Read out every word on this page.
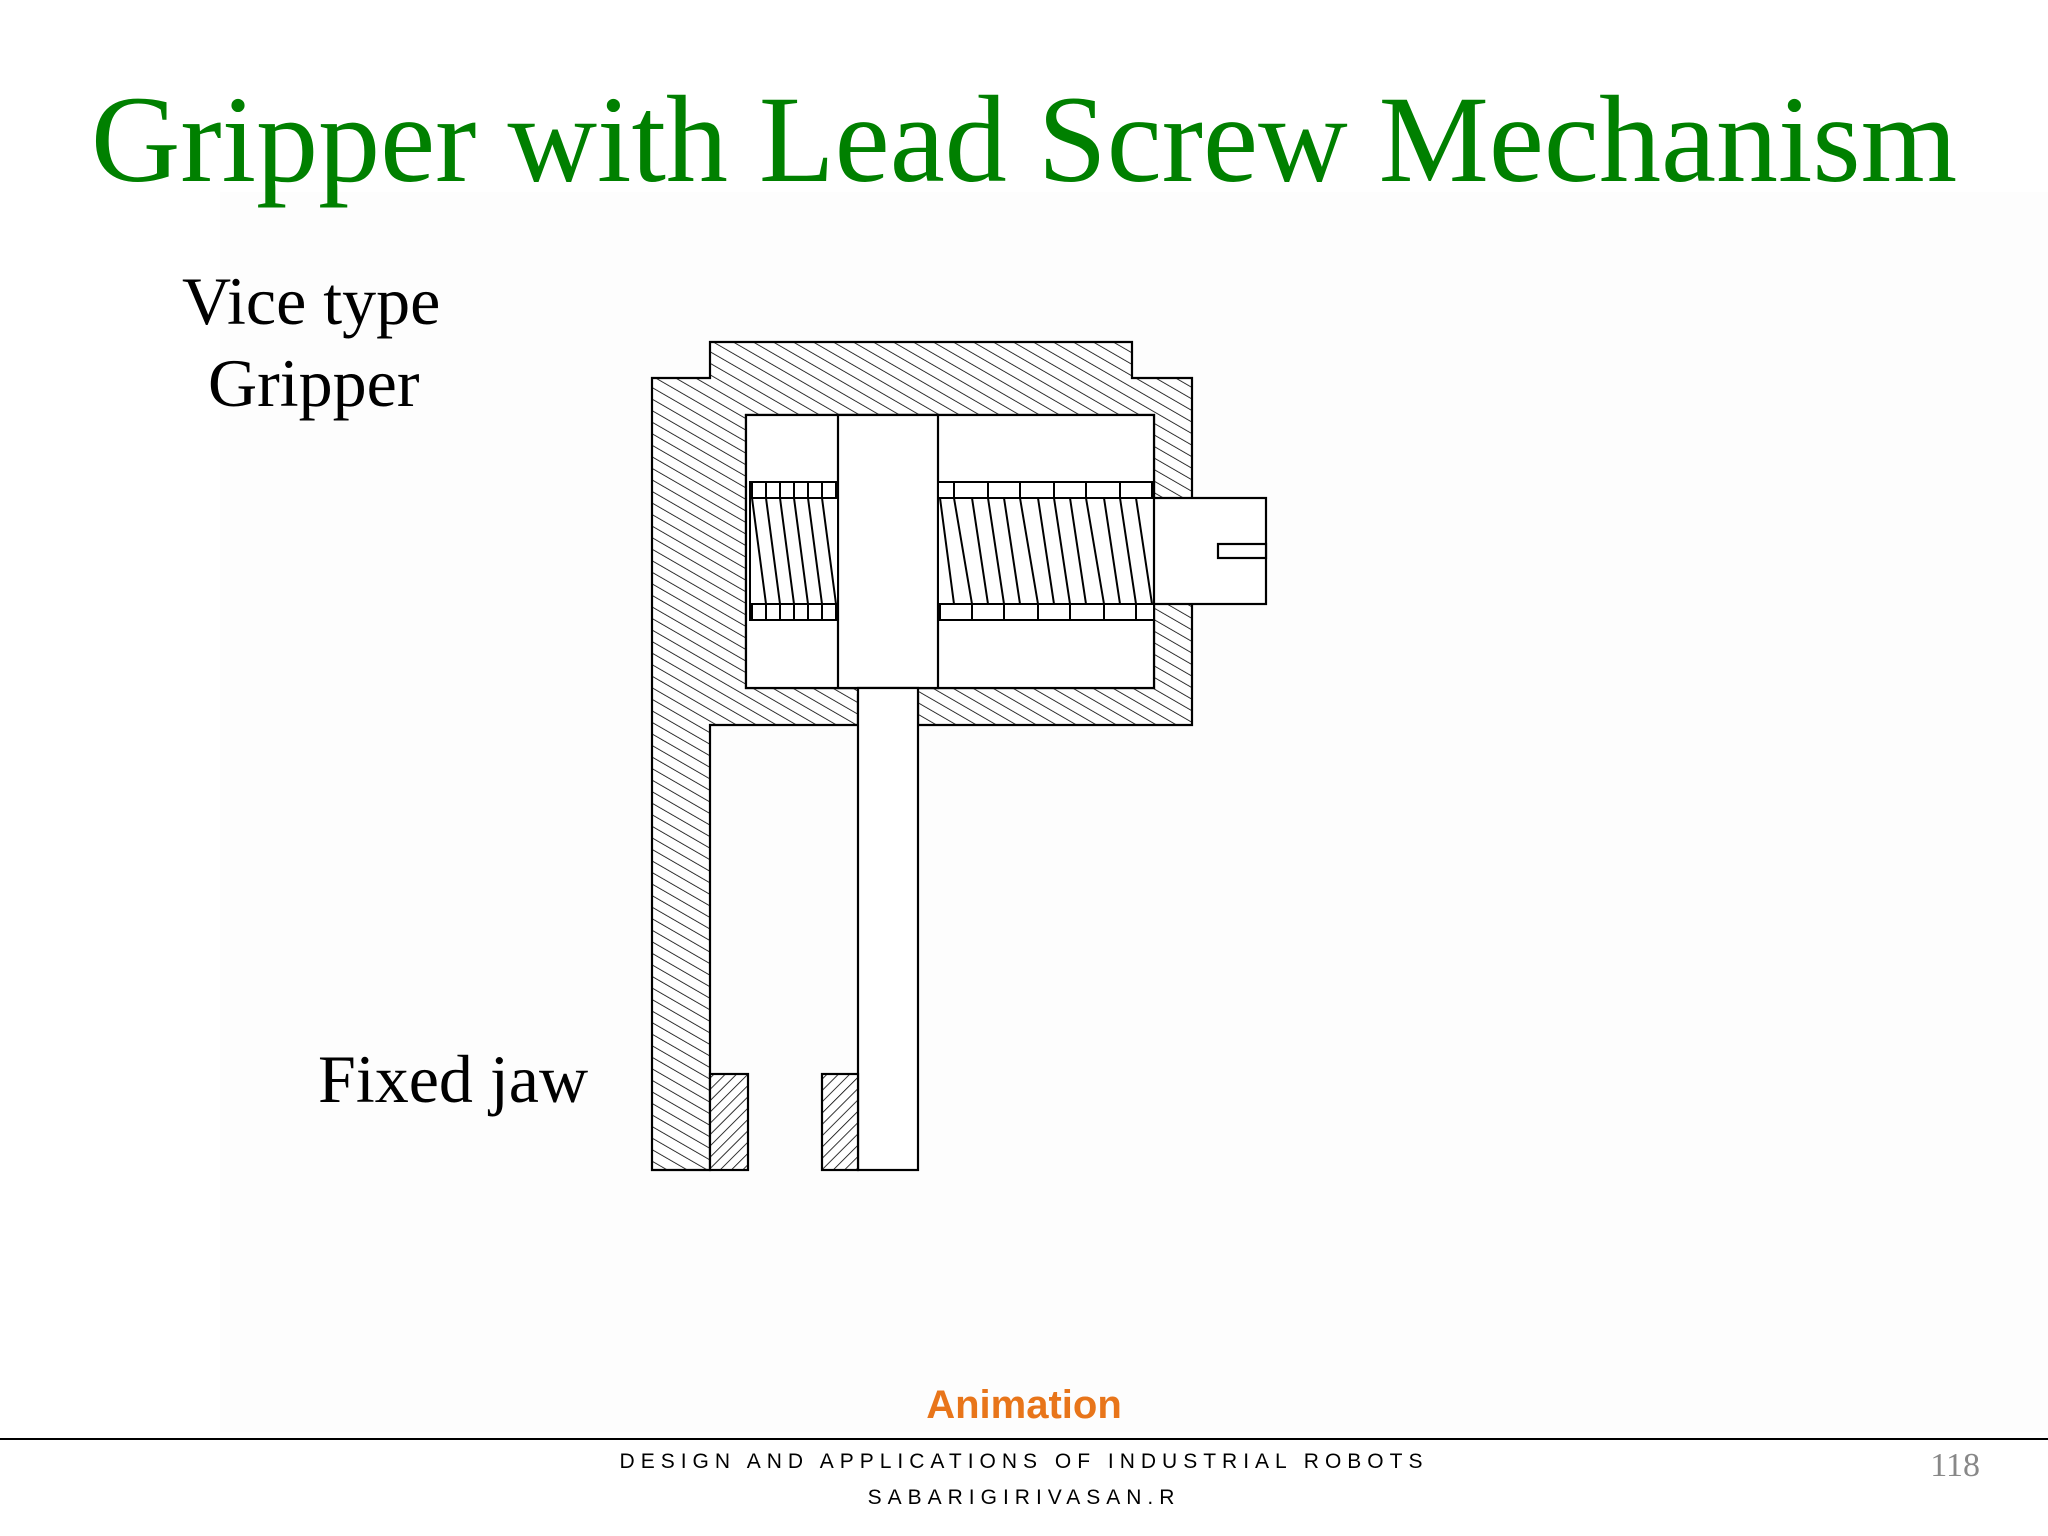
Gripper with Lead Screw Mechanism
Vice type
Gripper
Fixed jaw
Animation
DESIGN AND APPLICATIONS OF INDUSTRIAL ROBOTS
SABARIGIRIVASAN.R
118
